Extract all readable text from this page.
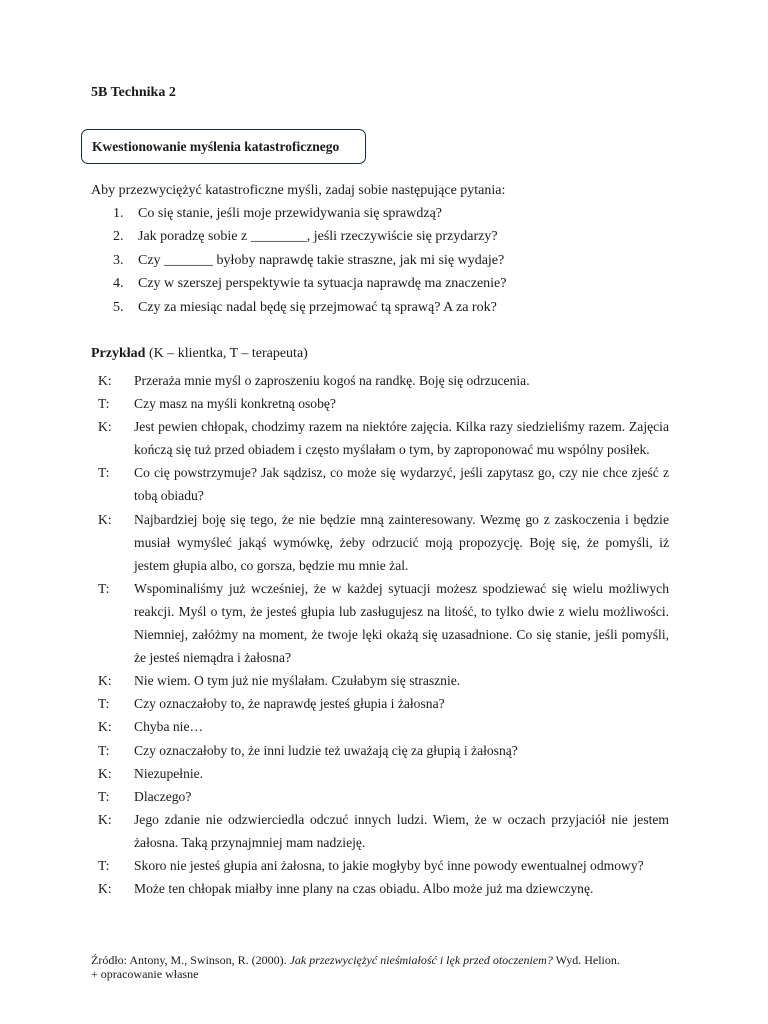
5B Technika 2
Kwestionowanie myślenia katastroficznego
Aby przezwyciężyć katastroficzne myśli, zadaj sobie następujące pytania:
1. Co się stanie, jeśli moje przewidywania się sprawdzą?
2. Jak poradzę sobie z ________, jeśli rzeczywiście się przydarzy?
3. Czy _______ byłoby naprawdę takie straszne, jak mi się wydaje?
4. Czy w szerszej perspektywie ta sytuacja naprawdę ma znaczenie?
5. Czy za miesiąc nadal będę się przejmować tą sprawą? A za rok?
Przykład (K – klientka, T – terapeuta)
K: Przeraża mnie myśl o zaproszeniu kogoś na randkę. Boję się odrzucenia.
T: Czy masz na myśli konkretną osobę?
K: Jest pewien chłopak, chodzimy razem na niektóre zajęcia. Kilka razy siedzieliśmy razem. Zajęcia kończą się tuż przed obiadem i często myślałam o tym, by zaproponować mu wspólny posiłek.
T: Co cię powstrzymuje? Jak sądzisz, co może się wydarzyć, jeśli zapytasz go, czy nie chce zjeść z tobą obiadu?
K: Najbardziej boję się tego, że nie będzie mną zainteresowany. Wezmę go z zaskoczenia i będzie musiał wymyśleć jakąś wymówkę, żeby odrzucić moją propozycję. Boję się, że pomyśli, iż jestem głupia albo, co gorsza, będzie mu mnie żal.
T: Wspominaliśmy już wcześniej, że w każdej sytuacji możesz spodziewać się wielu możliwych reakcji. Myśl o tym, że jesteś głupia lub zasługujesz na litość, to tylko dwie z wielu możliwości. Niemniej, załóżmy na moment, że twoje lęki okażą się uzasadnione. Co się stanie, jeśli pomyśli, że jesteś niemądra i żałosna?
K: Nie wiem. O tym już nie myślałam. Czułabym się strasznie.
T: Czy oznaczałoby to, że naprawdę jesteś głupia i żałosna?
K: Chyba nie…
T: Czy oznaczałoby to, że inni ludzie też uważają cię za głupią i żałosną?
K: Niezupełnie.
T: Dlaczego?
K: Jego zdanie nie odzwierciedla odczuć innych ludzi. Wiem, że w oczach przyjaciół nie jestem żałosna. Taką przynajmniej mam nadzieję.
T: Skoro nie jesteś głupia ani żałosna, to jakie mogłyby być inne powody ewentualnej odmowy?
K: Może ten chłopak miałby inne plany na czas obiadu. Albo może już ma dziewczynę.
Źródło: Antony, M., Swinson, R. (2000). Jak przezwyciężyć nieśmiałość i lęk przed otoczeniem? Wyd. Helion.
+ opracowanie własne
